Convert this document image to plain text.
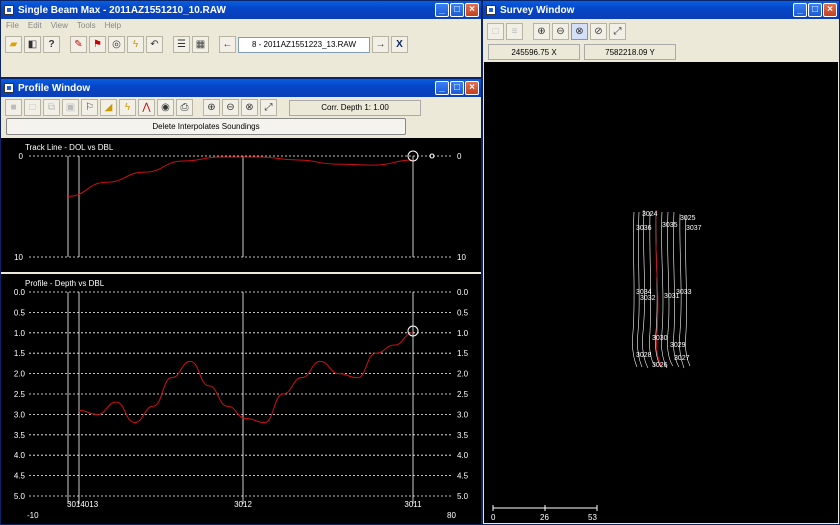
Single Beam Max - 2011AZ1551210_10.RAW	_ □ ×
File Edit View Tools Help
▰	◧	?	✎	⚑	◎	ϟ	↶	☰ ▦	←	8 - 2011AZ1551223_13.RAW	→	X
Profile Window	_ □ ×
■	□	⧉	▣ ⚐	◢	ϟ	⋀	◉	⎙	⊕	⊖	⊗	⤢	Corr. Depth 1: 1.00
Delete Interpolates Soundings
Track Line - DOL vs DBL
0
10
0
10
Profile - Depth vs DBL
0.0	0.0
0.5	0.5
1.0	1.0
1.5	1.5
2.0	2.0
2.5	2.5
3.0	3.0
3.5	3.5
4.0	4.0
4.5	4.5
5.0	5.0
3014013	3012	3011
-10	80
Survey Window	_ □ ×
□	≡	⊕	⊖	⊗	⊘	⤢
245596.75 X	7582218.09 Y
3024
3025
3037
3036 3035
3034	3033
3032 3031
3030
3029
3028	3027
3026
0	26	53
